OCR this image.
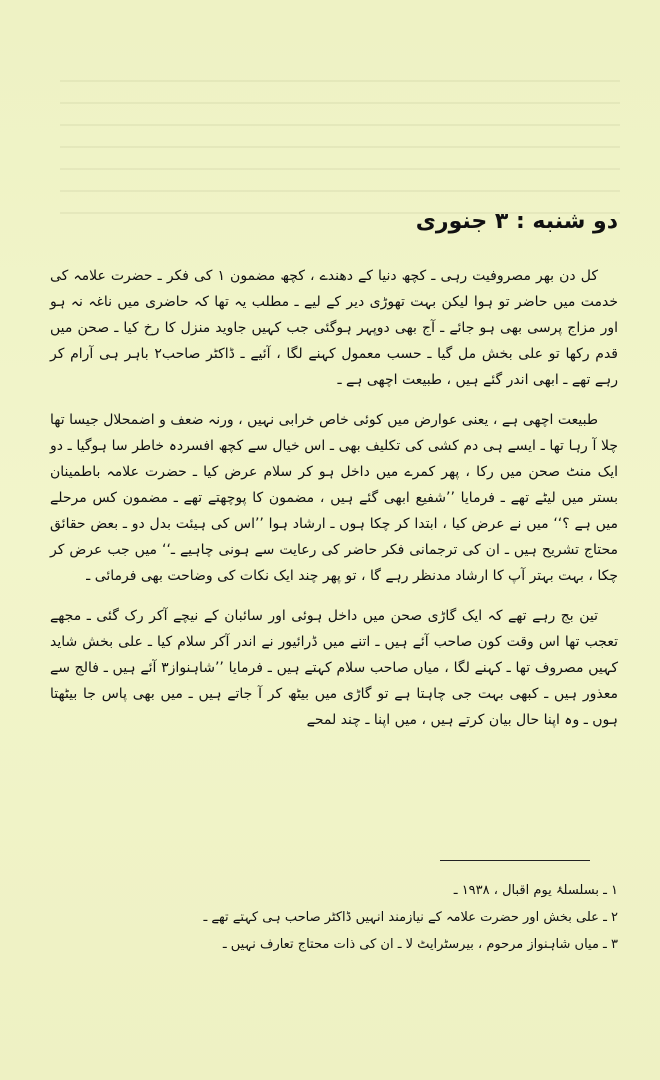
دو شنبه : ۳ جنوری

کل دن بھر مصروفیت رہی ـ کچھ دنیا کے دھندے ، کچھ مضمون ۱ کی فکر ـ حضرت علامہ کی خدمت میں حاضر تو ہوا لیکن بہت تھوڑی دیر کے لیے ـ مطلب یہ تھا کہ حاضری میں ناغہ نہ ہو اور مزاج پرسی بھی ہو جائے ـ آج بھی دوپہر ہوگئی جب کہیں جاوید منزل کا رخ کیا ـ صحن میں قدم رکھا تو علی بخش مل گیا ـ حسب معمول کہنے لگا ، آئیے ـ ڈاکٹر صاحب۲ باہر ہی آرام کر رہے تھے ـ ابھی اندر گئے ہیں ، طبیعت اچھی ہے ـ

طبیعت اچھی ہے ، یعنی عوارض میں کوئی خاص خرابی نہیں ، ورنہ ضعف و اضمحلال جیسا تھا چلا آ رہا تھا ـ ایسے ہی دم کشی کی تکلیف بھی ـ اس خیال سے کچھ افسردہ خاطر سا ہوگیا ـ دو ایک منٹ صحن میں رکا ، پھر کمرے میں داخل ہو کر سلام عرض کیا ـ حضرت علامہ باطمینان بستر میں لیٹے تھے ـ فرمایا ’’شفیع ابھی گئے ہیں ، مضمون کا پوچھتے تھے ـ مضمون کس مرحلے میں ہے ؟‘‘ میں نے عرض کیا ، ابتدا کر چکا ہوں ـ ارشاد ہوا ’’اس کی ہیئت بدل دو ـ بعض حقائق محتاج تشریح ہیں ـ ان کی ترجمانی فکر حاضر کی رعایت سے ہونی چاہیے ـ‘‘ میں جب عرض کر چکا ، بہت بہتر آپ کا ارشاد مدنظر رہے گا ، تو پھر چند ایک نکات کی وضاحت بھی فرمائی ـ

تین بج رہے تھے کہ ایک گاڑی صحن میں داخل ہوئی اور سائبان کے نیچے آکر رک گئی ـ مجھے تعجب تھا اس وقت کون صاحب آئے ہیں ـ اتنے میں ڈرائیور نے اندر آکر سلام کیا ـ علی بخش شاید کہیں مصروف تھا ـ کہنے لگا ، میاں صاحب سلام کہتے ہیں ـ فرمایا ’’شاہنواز۳ آئے ہیں ـ فالج سے معذور ہیں ـ کبھی بہت جی چاہتا ہے تو گاڑی میں بیٹھ کر آ جاتے ہیں ـ میں بھی پاس جا بیٹھتا ہوں ـ وہ اپنا حال بیان کرتے ہیں ، میں اپنا ـ چند لمحے

۱ ـ بسلسلۂ یوم اقبال ، ۱۹۳۸ ـ

۲ ـ علی بخش اور حضرت علامہ کے نیازمند انہیں ڈاکٹر صاحب ہی کہتے تھے ـ

۳ ـ میاں شاہنواز مرحوم ، بیرسٹرایٹ لا ـ ان کی ذات محتاج تعارف نہیں ـ
